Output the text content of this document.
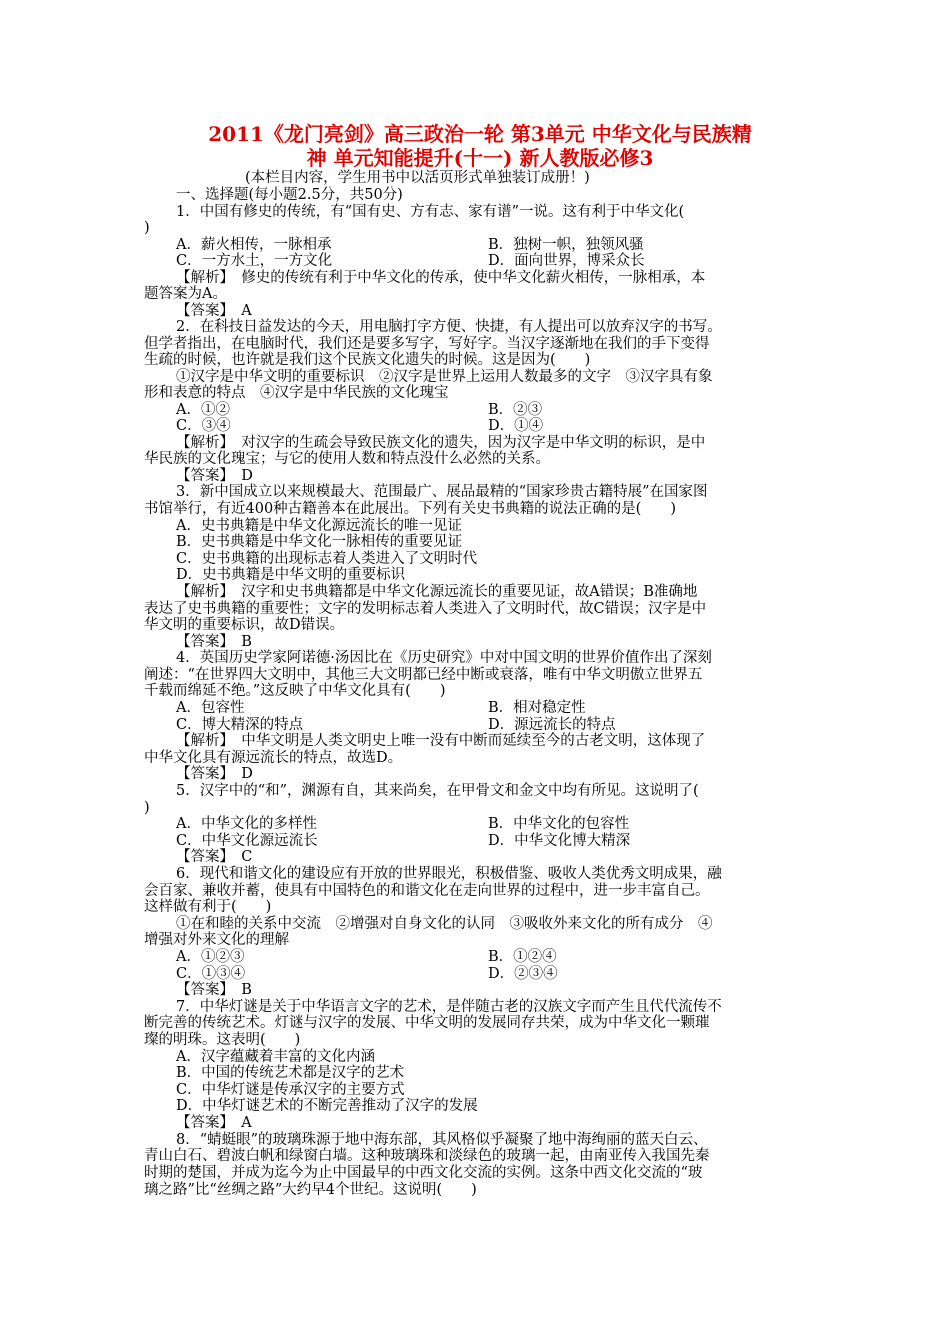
2011《龙门亮剑》高三政治一轮 第3单元 中华文化与民族精
神 单元知能提升(十一) 新人教版必修3
(本栏目内容，学生用书中以活页形式单独装订成册！)
一、选择题(每小题2.5分，共50分)
1．中国有修史的传统，有“国有史、方有志、家有谱”一说。这有利于中华文化(
)
A．薪火相传，一脉相承	B．独树一帜，独领风骚
C．一方水土，一方文化	D．面向世界，博采众长
【解析】　修史的传统有利于中华文化的传承，使中华文化薪火相传，一脉相承，本
题答案为A。
【答案】　A
2．在科技日益发达的今天，用电脑打字方便、快捷，有人提出可以放弃汉字的书写。
但学者指出，在电脑时代，我们还是要多写字，写好字。当汉字逐渐地在我们的手下变得
生疏的时候，也许就是我们这个民族文化遗失的时候。这是因为(　　)
①汉字是中华文明的重要标识　②汉字是世界上运用人数最多的文字　③汉字具有象
形和表意的特点　④汉字是中华民族的文化瑰宝
A．①②	B．②③
C．③④	D．①④
【解析】　对汉字的生疏会导致民族文化的遗失，因为汉字是中华文明的标识，是中
华民族的文化瑰宝；与它的使用人数和特点没什么必然的关系。
【答案】　D
3．新中国成立以来规模最大、范围最广、展品最精的“国家珍贵古籍特展”在国家图
书馆举行，有近400种古籍善本在此展出。下列有关史书典籍的说法正确的是(　　)
A．史书典籍是中华文化源远流长的唯一见证
B．史书典籍是中华文化一脉相传的重要见证
C．史书典籍的出现标志着人类进入了文明时代
D．史书典籍是中华文明的重要标识
【解析】　汉字和史书典籍都是中华文化源远流长的重要见证，故A错误；B准确地
表达了史书典籍的重要性；文字的发明标志着人类进入了文明时代，故C错误；汉字是中
华文明的重要标识，故D错误。
【答案】　B
4．英国历史学家阿诺德·汤因比在《历史研究》中对中国文明的世界价值作出了深刻
阐述：“在世界四大文明中，其他三大文明都已经中断或衰落，唯有中华文明傲立世界五
千载而绵延不绝。”这反映了中华文化具有(　　)
A．包容性	B．相对稳定性
C．博大精深的特点	D．源远流长的特点
【解析】　中华文明是人类文明史上唯一没有中断而延续至今的古老文明，这体现了
中华文化具有源远流长的特点，故选D。
【答案】　D
5．汉字中的“和”，渊源有自，其来尚矣，在甲骨文和金文中均有所见。这说明了(
)
A．中华文化的多样性	B．中华文化的包容性
C．中华文化源远流长	D．中华文化博大精深
【答案】　C
6．现代和谐文化的建设应有开放的世界眼光，积极借鉴、吸收人类优秀文明成果，融
会百家、兼收并蓄，使具有中国特色的和谐文化在走向世界的过程中，进一步丰富自己。
这样做有利于(　　)
①在和睦的关系中交流　②增强对自身文化的认同　③吸收外来文化的所有成分　④
增强对外来文化的理解
A．①②③	B．①②④
C．①③④	D．②③④
【答案】　B
7．中华灯谜是关于中华语言文字的艺术，是伴随古老的汉族文字而产生且代代流传不
断完善的传统艺术。灯谜与汉字的发展、中华文明的发展同存共荣，成为中华文化一颗璀
璨的明珠。这表明(　　)
A．汉字蕴藏着丰富的文化内涵
B．中国的传统艺术都是汉字的艺术
C．中华灯谜是传承汉字的主要方式
D．中华灯谜艺术的不断完善推动了汉字的发展
【答案】　A
8．“蜻蜓眼”的玻璃珠源于地中海东部，其风格似乎凝聚了地中海绚丽的蓝天白云、
青山白石、碧波白帆和绿窗白墙。这种玻璃珠和淡绿色的玻璃一起，由南亚传入我国先秦
时期的楚国，并成为迄今为止中国最早的中西文化交流的实例。这条中西文化交流的“玻
璃之路”比“丝绸之路”大约早4个世纪。这说明(　　)
